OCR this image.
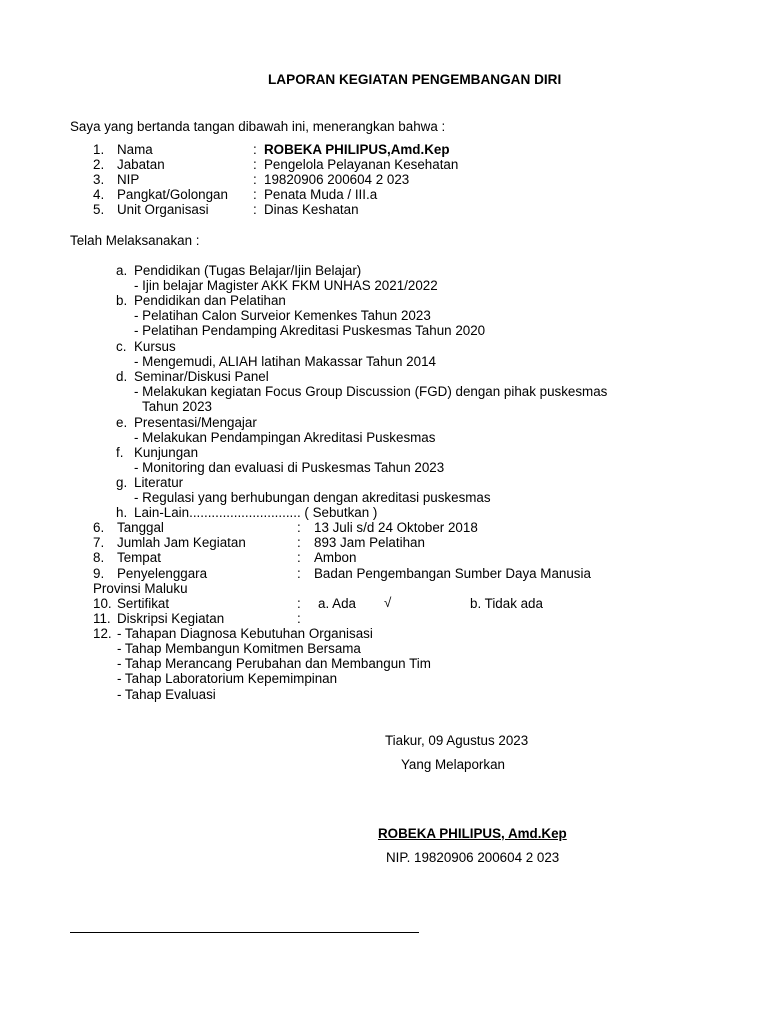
LAPORAN KEGIATAN PENGEMBANGAN DIRI
Saya yang bertanda tangan dibawah ini, menerangkan bahwa :
1. Nama	: ROBEKA PHILIPUS,Amd.Kep
2. Jabatan	: Pengelola Pelayanan Kesehatan
3. NIP	: 19820906 200604 2 023
4. Pangkat/Golongan : Penata Muda / III.a
5. Unit Organisasi	: Dinas Keshatan
Telah Melaksanakan :
a. Pendidikan (Tugas Belajar/Ijin Belajar)
- Ijin belajar Magister AKK FKM UNHAS 2021/2022
b. Pendidikan dan Pelatihan
- Pelatihan Calon Surveior Kemenkes Tahun 2023
- Pelatihan Pendamping Akreditasi Puskesmas Tahun 2020
c. Kursus
- Mengemudi, ALIAH latihan Makassar Tahun 2014
d. Seminar/Diskusi Panel
- Melakukan kegiatan Focus Group Discussion (FGD) dengan pihak puskesmas
Tahun 2023
e. Presentasi/Mengajar
- Melakukan Pendampingan Akreditasi Puskesmas
f. Kunjungan
- Monitoring dan evaluasi di Puskesmas Tahun 2023
g. Literatur
- Regulasi yang berhubungan dengan akreditasi puskesmas
h. Lain-Lain.............................. ( Sebutkan )
6. Tanggal	: 13 Juli s/d 24 Oktober 2018
7. Jumlah Jam Kegiatan	: 893 Jam Pelatihan
8. Tempat	: Ambon
9. Penyelenggara	: Badan Pengembangan Sumber Daya Manusia
Provinsi Maluku
10. Sertifikat	: a. Ada √	b. Tidak ada
11. Diskripsi Kegiatan	:
12. - Tahapan Diagnosa Kebutuhan Organisasi
- Tahap Membangun Komitmen Bersama
- Tahap Merancang Perubahan dan Membangun Tim
- Tahap Laboratorium Kepemimpinan
- Tahap Evaluasi
Tiakur, 09 Agustus 2023
Yang Melaporkan
ROBEKA PHILIPUS, Amd.Kep
NIP. 19820906 200604 2 023
